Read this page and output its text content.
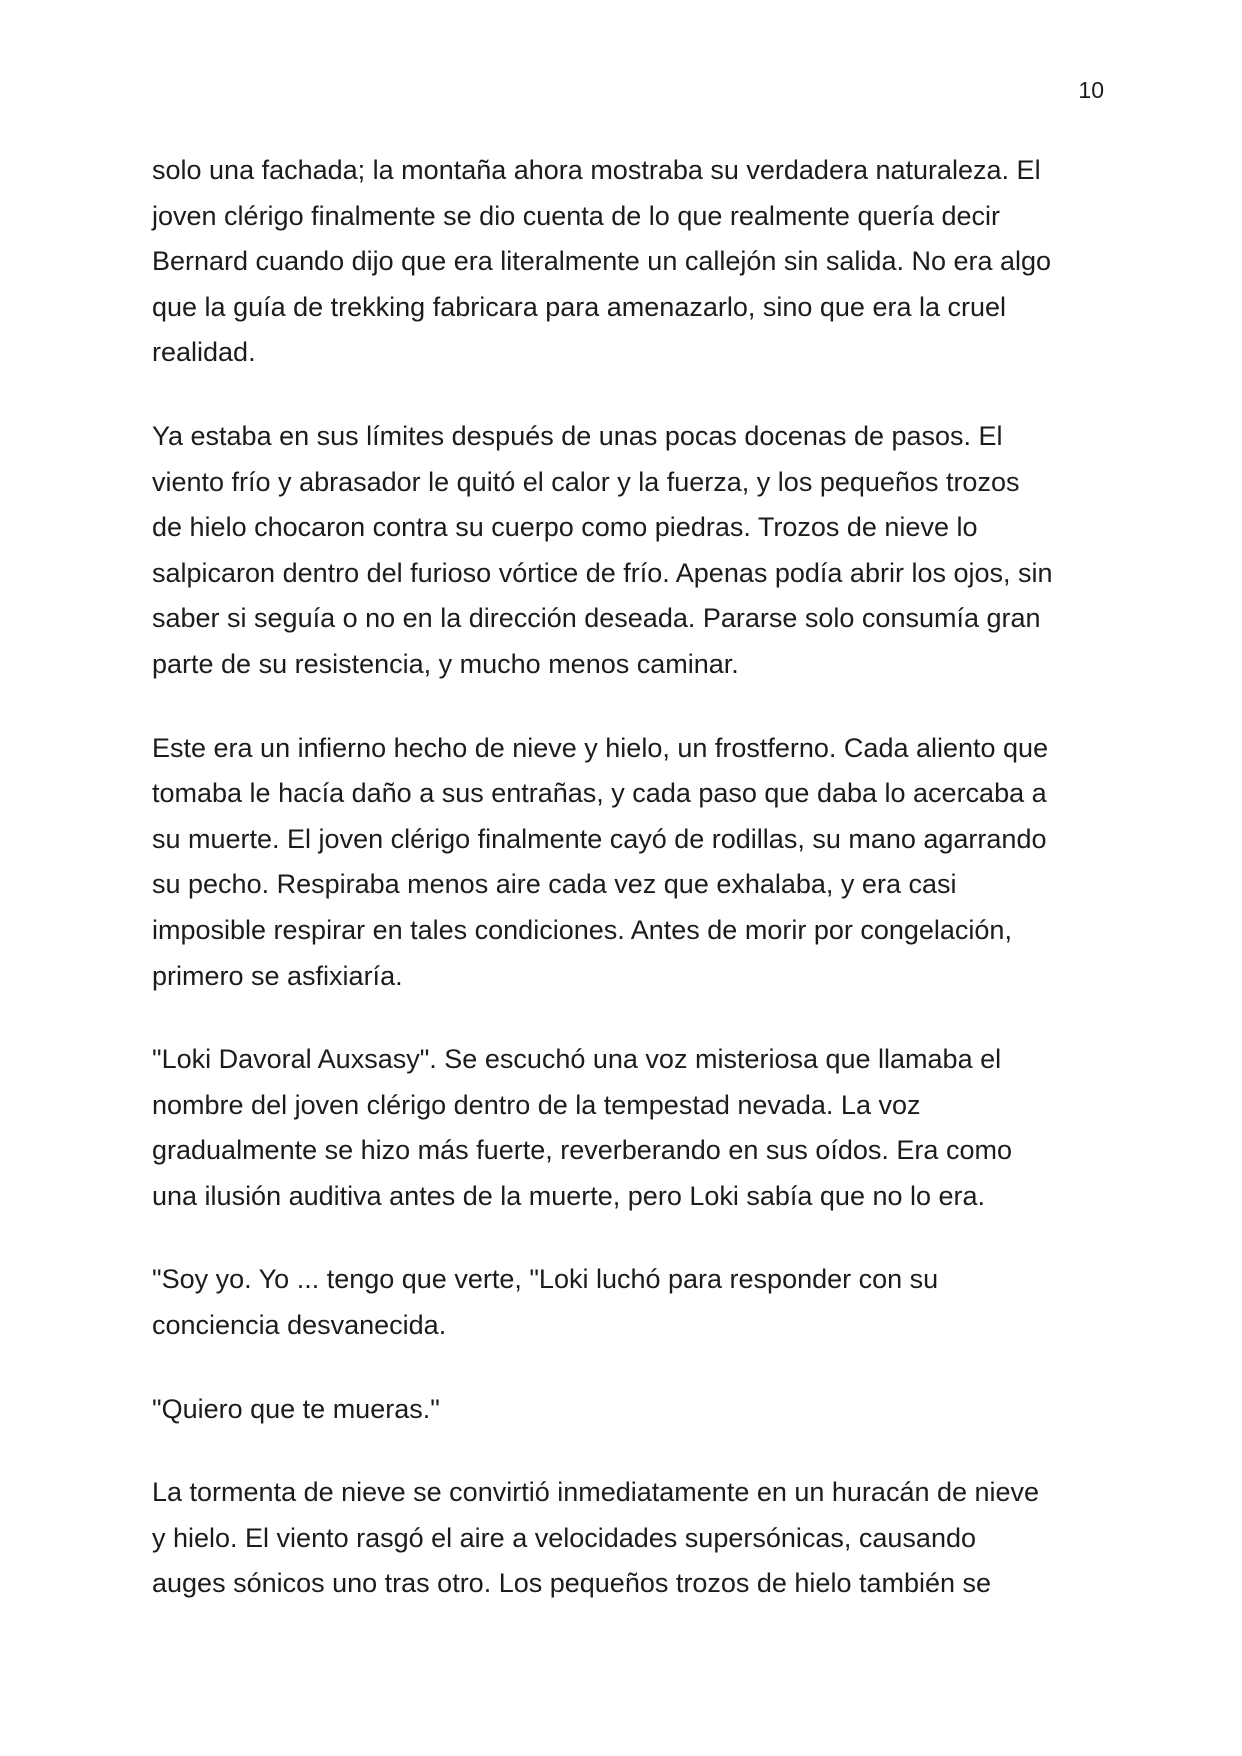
10

solo una fachada; la montaña ahora mostraba su verdadera naturaleza. El
joven clérigo finalmente se dio cuenta de lo que realmente quería decir
Bernard cuando dijo que era literalmente un callejón sin salida. No era algo
que la guía de trekking fabricara para amenazarlo, sino que era la cruel
realidad.

Ya estaba en sus límites después de unas pocas docenas de pasos. El
viento frío y abrasador le quitó el calor y la fuerza, y los pequeños trozos
de hielo chocaron contra su cuerpo como piedras. Trozos de nieve lo
salpicaron dentro del furioso vórtice de frío. Apenas podía abrir los ojos, sin
saber si seguía o no en la dirección deseada. Pararse solo consumía gran
parte de su resistencia, y mucho menos caminar.

Este era un infierno hecho de nieve y hielo, un frostferno. Cada aliento que
tomaba le hacía daño a sus entrañas, y cada paso que daba lo acercaba a
su muerte. El joven clérigo finalmente cayó de rodillas, su mano agarrando
su pecho. Respiraba menos aire cada vez que exhalaba, y era casi
imposible respirar en tales condiciones. Antes de morir por congelación,
primero se asfixiaría.

"Loki Davoral Auxsasy". Se escuchó una voz misteriosa que llamaba el
nombre del joven clérigo dentro de la tempestad nevada. La voz
gradualmente se hizo más fuerte, reverberando en sus oídos. Era como
una ilusión auditiva antes de la muerte, pero Loki sabía que no lo era.

"Soy yo. Yo ... tengo que verte, "Loki luchó para responder con su
conciencia desvanecida.

"Quiero que te mueras."

La tormenta de nieve se convirtió inmediatamente en un huracán de nieve
y hielo. El viento rasgó el aire a velocidades supersónicas, causando
auges sónicos uno tras otro. Los pequeños trozos de hielo también se
